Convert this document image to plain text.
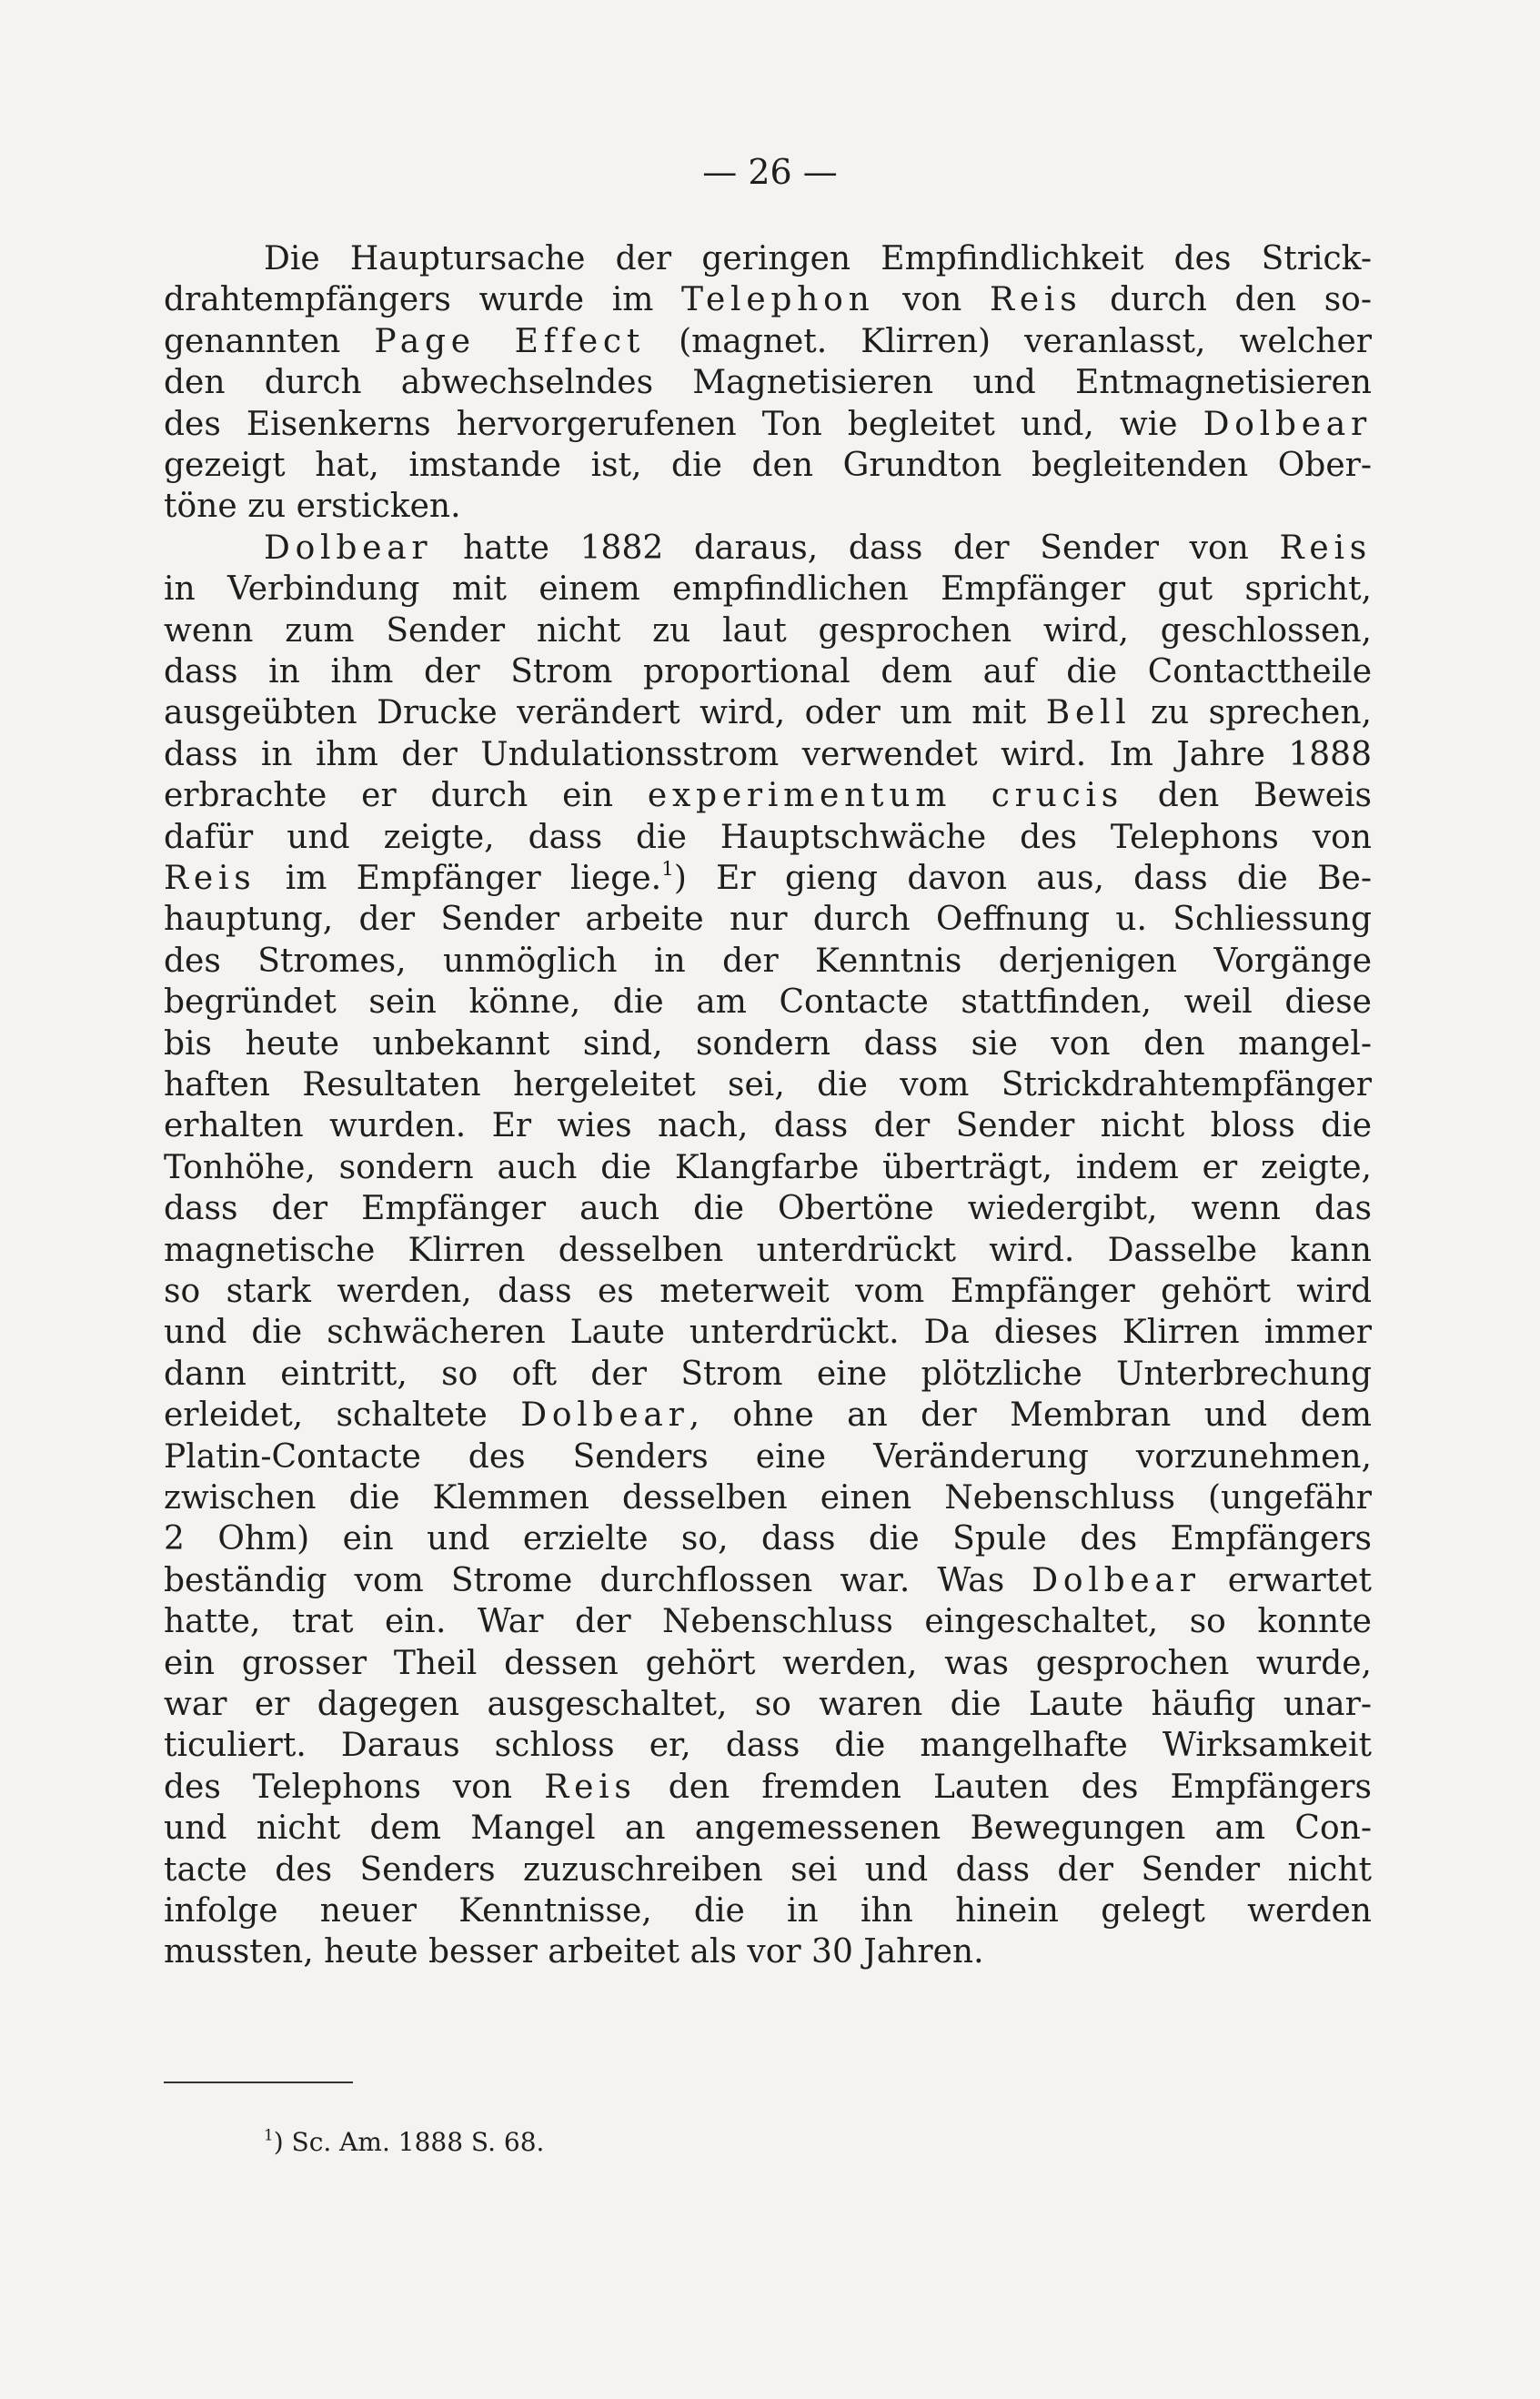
— 26 —
Die Hauptursache der geringen Empfindlichkeit des Strick-
drahtempfängers wurde im Telephon von Reis durch den so-
genannten Page Effect (magnet. Klirren) veranlasst, welcher
den durch abwechselndes Magnetisieren und Entmagnetisieren
des Eisenkerns hervorgerufenen Ton begleitet und, wie Dolbear
gezeigt hat, imstande ist, die den Grundton begleitenden Ober-
töne zu ersticken.
Dolbear hatte 1882 daraus, dass der Sender von Reis
in Verbindung mit einem empfindlichen Empfänger gut spricht,
wenn zum Sender nicht zu laut gesprochen wird, geschlossen,
dass in ihm der Strom proportional dem auf die Contacttheile
ausgeübten Drucke verändert wird, oder um mit Bell zu sprechen,
dass in ihm der Undulationsstrom verwendet wird. Im Jahre 1888
erbrachte er durch ein experimentum crucis den Beweis
dafür und zeigte, dass die Hauptschwäche des Telephons von
Reis im Empfänger liege.$^1$) Er gieng davon aus, dass die Be-
hauptung, der Sender arbeite nur durch Oeffnung u. Schliessung
des Stromes, unmöglich in der Kenntnis derjenigen Vorgänge
begründet sein könne, die am Contacte stattfinden, weil diese
bis heute unbekannt sind, sondern dass sie von den mangel-
haften Resultaten hergeleitet sei, die vom Strickdrahtempfänger
erhalten wurden. Er wies nach, dass der Sender nicht bloss die
Tonhöhe, sondern auch die Klangfarbe überträgt, indem er zeigte,
dass der Empfänger auch die Obertöne wiedergibt, wenn das
magnetische Klirren desselben unterdrückt wird. Dasselbe kann
so stark werden, dass es meterweit vom Empfänger gehört wird
und die schwächeren Laute unterdrückt. Da dieses Klirren immer
dann eintritt, so oft der Strom eine plötzliche Unterbrechung
erleidet, schaltete Dolbear, ohne an der Membran und dem
Platin-Contacte des Senders eine Veränderung vorzunehmen,
zwischen die Klemmen desselben einen Nebenschluss (ungefähr
2 Ohm) ein und erzielte so, dass die Spule des Empfängers
beständig vom Strome durchflossen war. Was Dolbear erwartet
hatte, trat ein. War der Nebenschluss eingeschaltet, so konnte
ein grosser Theil dessen gehört werden, was gesprochen wurde,
war er dagegen ausgeschaltet, so waren die Laute häufig unar-
ticuliert. Daraus schloss er, dass die mangelhafte Wirksamkeit
des Telephons von Reis den fremden Lauten des Empfängers
und nicht dem Mangel an angemessenen Bewegungen am Con-
tacte des Senders zuzuschreiben sei und dass der Sender nicht
infolge neuer Kenntnisse, die in ihn hinein gelegt werden
mussten, heute besser arbeitet als vor 30 Jahren.
$^1$) Sc. Am. 1888 S. 68.
